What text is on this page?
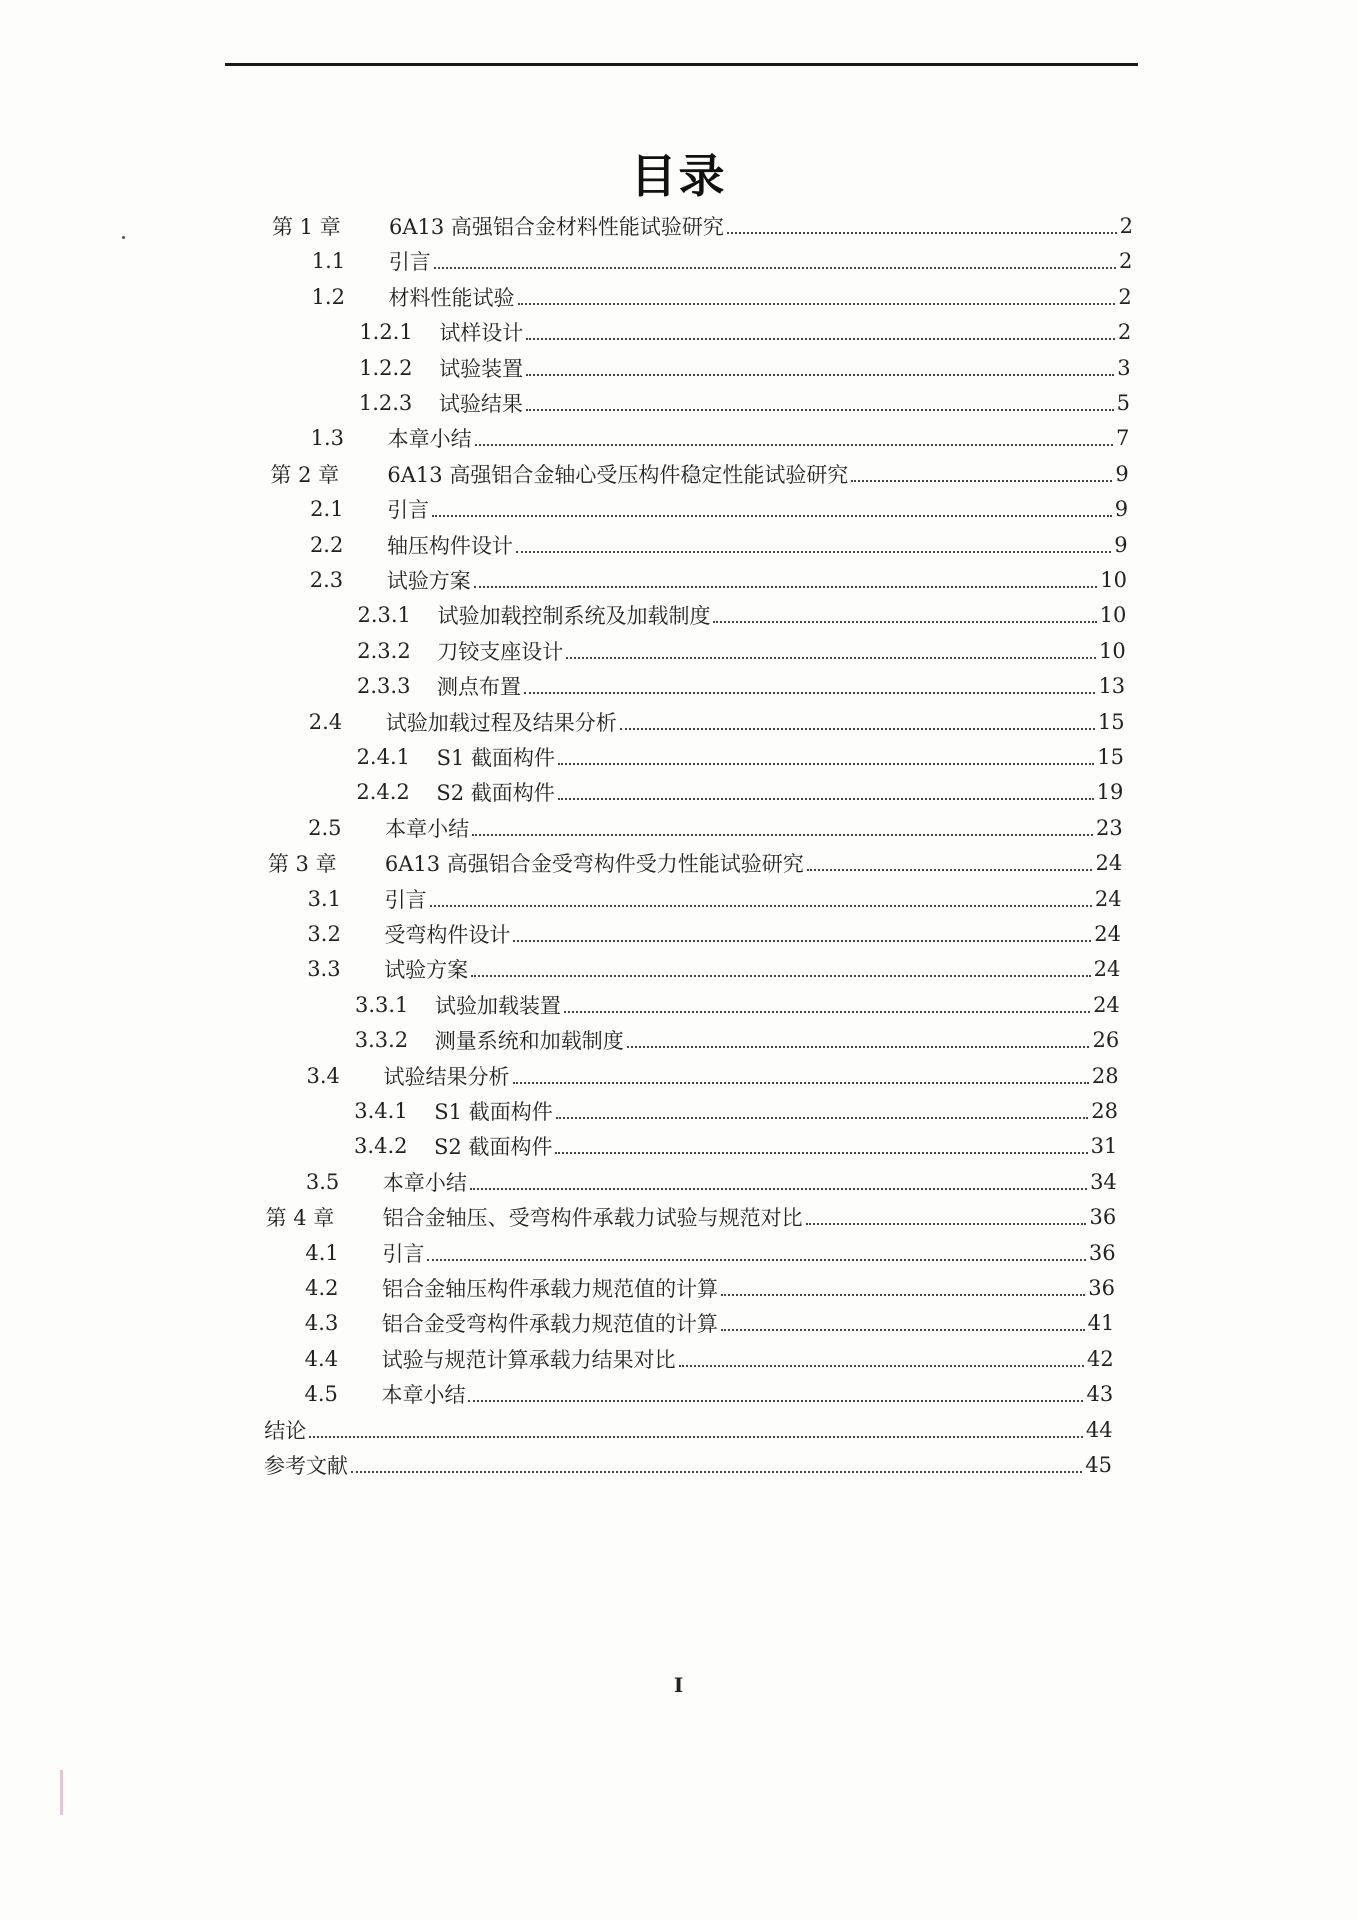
目录
第 1 章	6A13 高强铝合金材料性能试验研究	2
1.1	引言	2
1.2	材料性能试验	2
1.2.1	试样设计	2
1.2.2	试验装置	3
1.2.3	试验结果	5
1.3	本章小结	7
第 2 章	6A13 高强铝合金轴心受压构件稳定性能试验研究	9
2.1	引言	9
2.2	轴压构件设计	9
2.3	试验方案	10
2.3.1	试验加载控制系统及加载制度	10
2.3.2	刀铰支座设计	10
2.3.3	测点布置	13
2.4	试验加载过程及结果分析	15
2.4.1	S1 截面构件	15
2.4.2	S2 截面构件	19
2.5	本章小结	23
第 3 章	6A13 高强铝合金受弯构件受力性能试验研究	24
3.1	引言	24
3.2	受弯构件设计	24
3.3	试验方案	24
3.3.1	试验加载装置	24
3.3.2	测量系统和加载制度	26
3.4	试验结果分析	28
3.4.1	S1 截面构件	28
3.4.2	S2 截面构件	31
3.5	本章小结	34
第 4 章	铝合金轴压、受弯构件承载力试验与规范对比	36
4.1	引言	36
4.2	铝合金轴压构件承载力规范值的计算	36
4.3	铝合金受弯构件承载力规范值的计算	41
4.4	试验与规范计算承载力结果对比	42
4.5	本章小结	43
结论	44
参考文献	45
I
